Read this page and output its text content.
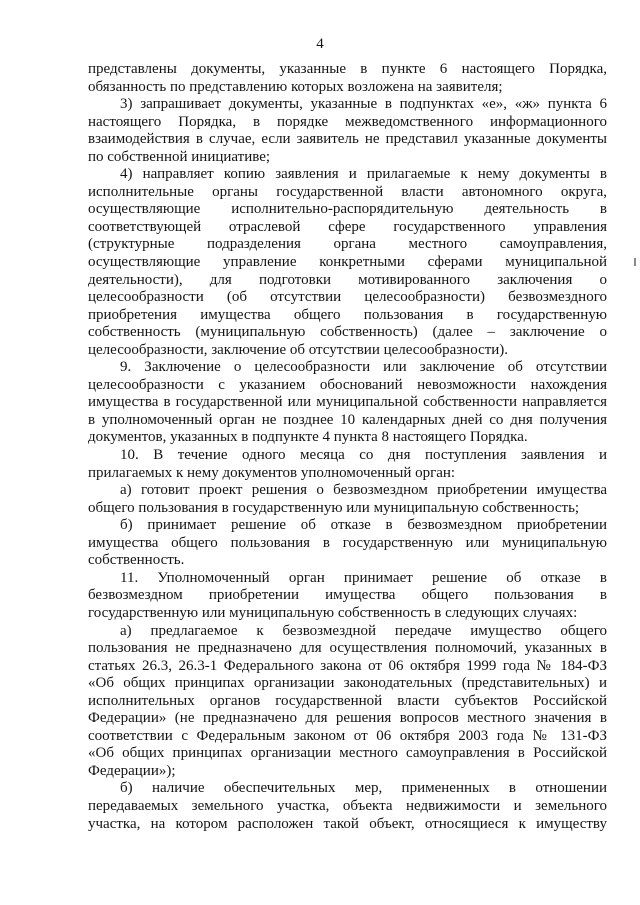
4
представлены документы, указанные в пункте 6 настоящего Порядка,
обязанность по представлению которых возложена на заявителя;
3) запрашивает документы, указанные в подпунктах «е», «ж» пункта 6
настоящего Порядка, в порядке межведомственного информационного
взаимодействия в случае, если заявитель не представил указанные документы
по собственной инициативе;
4) направляет копию заявления и прилагаемые к нему документы в
исполнительные органы государственной власти автономного округа,
осуществляющие исполнительно-распорядительную деятельность в
соответствующей отраслевой сфере государственного управления
(структурные подразделения органа местного самоуправления,
осуществляющие управление конкретными сферами муниципальной
деятельности), для подготовки мотивированного заключения о
целесообразности (об отсутствии целесообразности) безвозмездного
приобретения имущества общего пользования в государственную
собственность (муниципальную собственность) (далее – заключение о
целесообразности, заключение об отсутствии целесообразности).
9. Заключение о целесообразности или заключение об отсутствии
целесообразности с указанием обоснований невозможности нахождения
имущества в государственной или муниципальной собственности направляется
в уполномоченный орган не позднее 10 календарных дней со дня получения
документов, указанных в подпункте 4 пункта 8 настоящего Порядка.
10. В течение одного месяца со дня поступления заявления и
прилагаемых к нему документов уполномоченный орган:
а) готовит проект решения о безвозмездном приобретении имущества
общего пользования в государственную или муниципальную собственность;
б) принимает решение об отказе в безвозмездном приобретении
имущества общего пользования в государственную или муниципальную
собственность.
11. Уполномоченный орган принимает решение об отказе в
безвозмездном приобретении имущества общего пользования в
государственную или муниципальную собственность в следующих случаях:
а) предлагаемое к безвозмездной передаче имущество общего
пользования не предназначено для осуществления полномочий, указанных в
статьях 26.3, 26.3-1 Федерального закона от 06 октября 1999 года № 184-ФЗ
«Об общих принципах организации законодательных (представительных) и
исполнительных органов государственной власти субъектов Российской
Федерации» (не предназначено для решения вопросов местного значения в
соответствии с Федеральным законом от 06 октября 2003 года № 131-ФЗ
«Об общих принципах организации местного самоуправления в Российской
Федерации»);
б) наличие обеспечительных мер, примененных в отношении
передаваемых земельного участка, объекта недвижимости и земельного
участка, на котором расположен такой объект, относящиеся к имуществу
